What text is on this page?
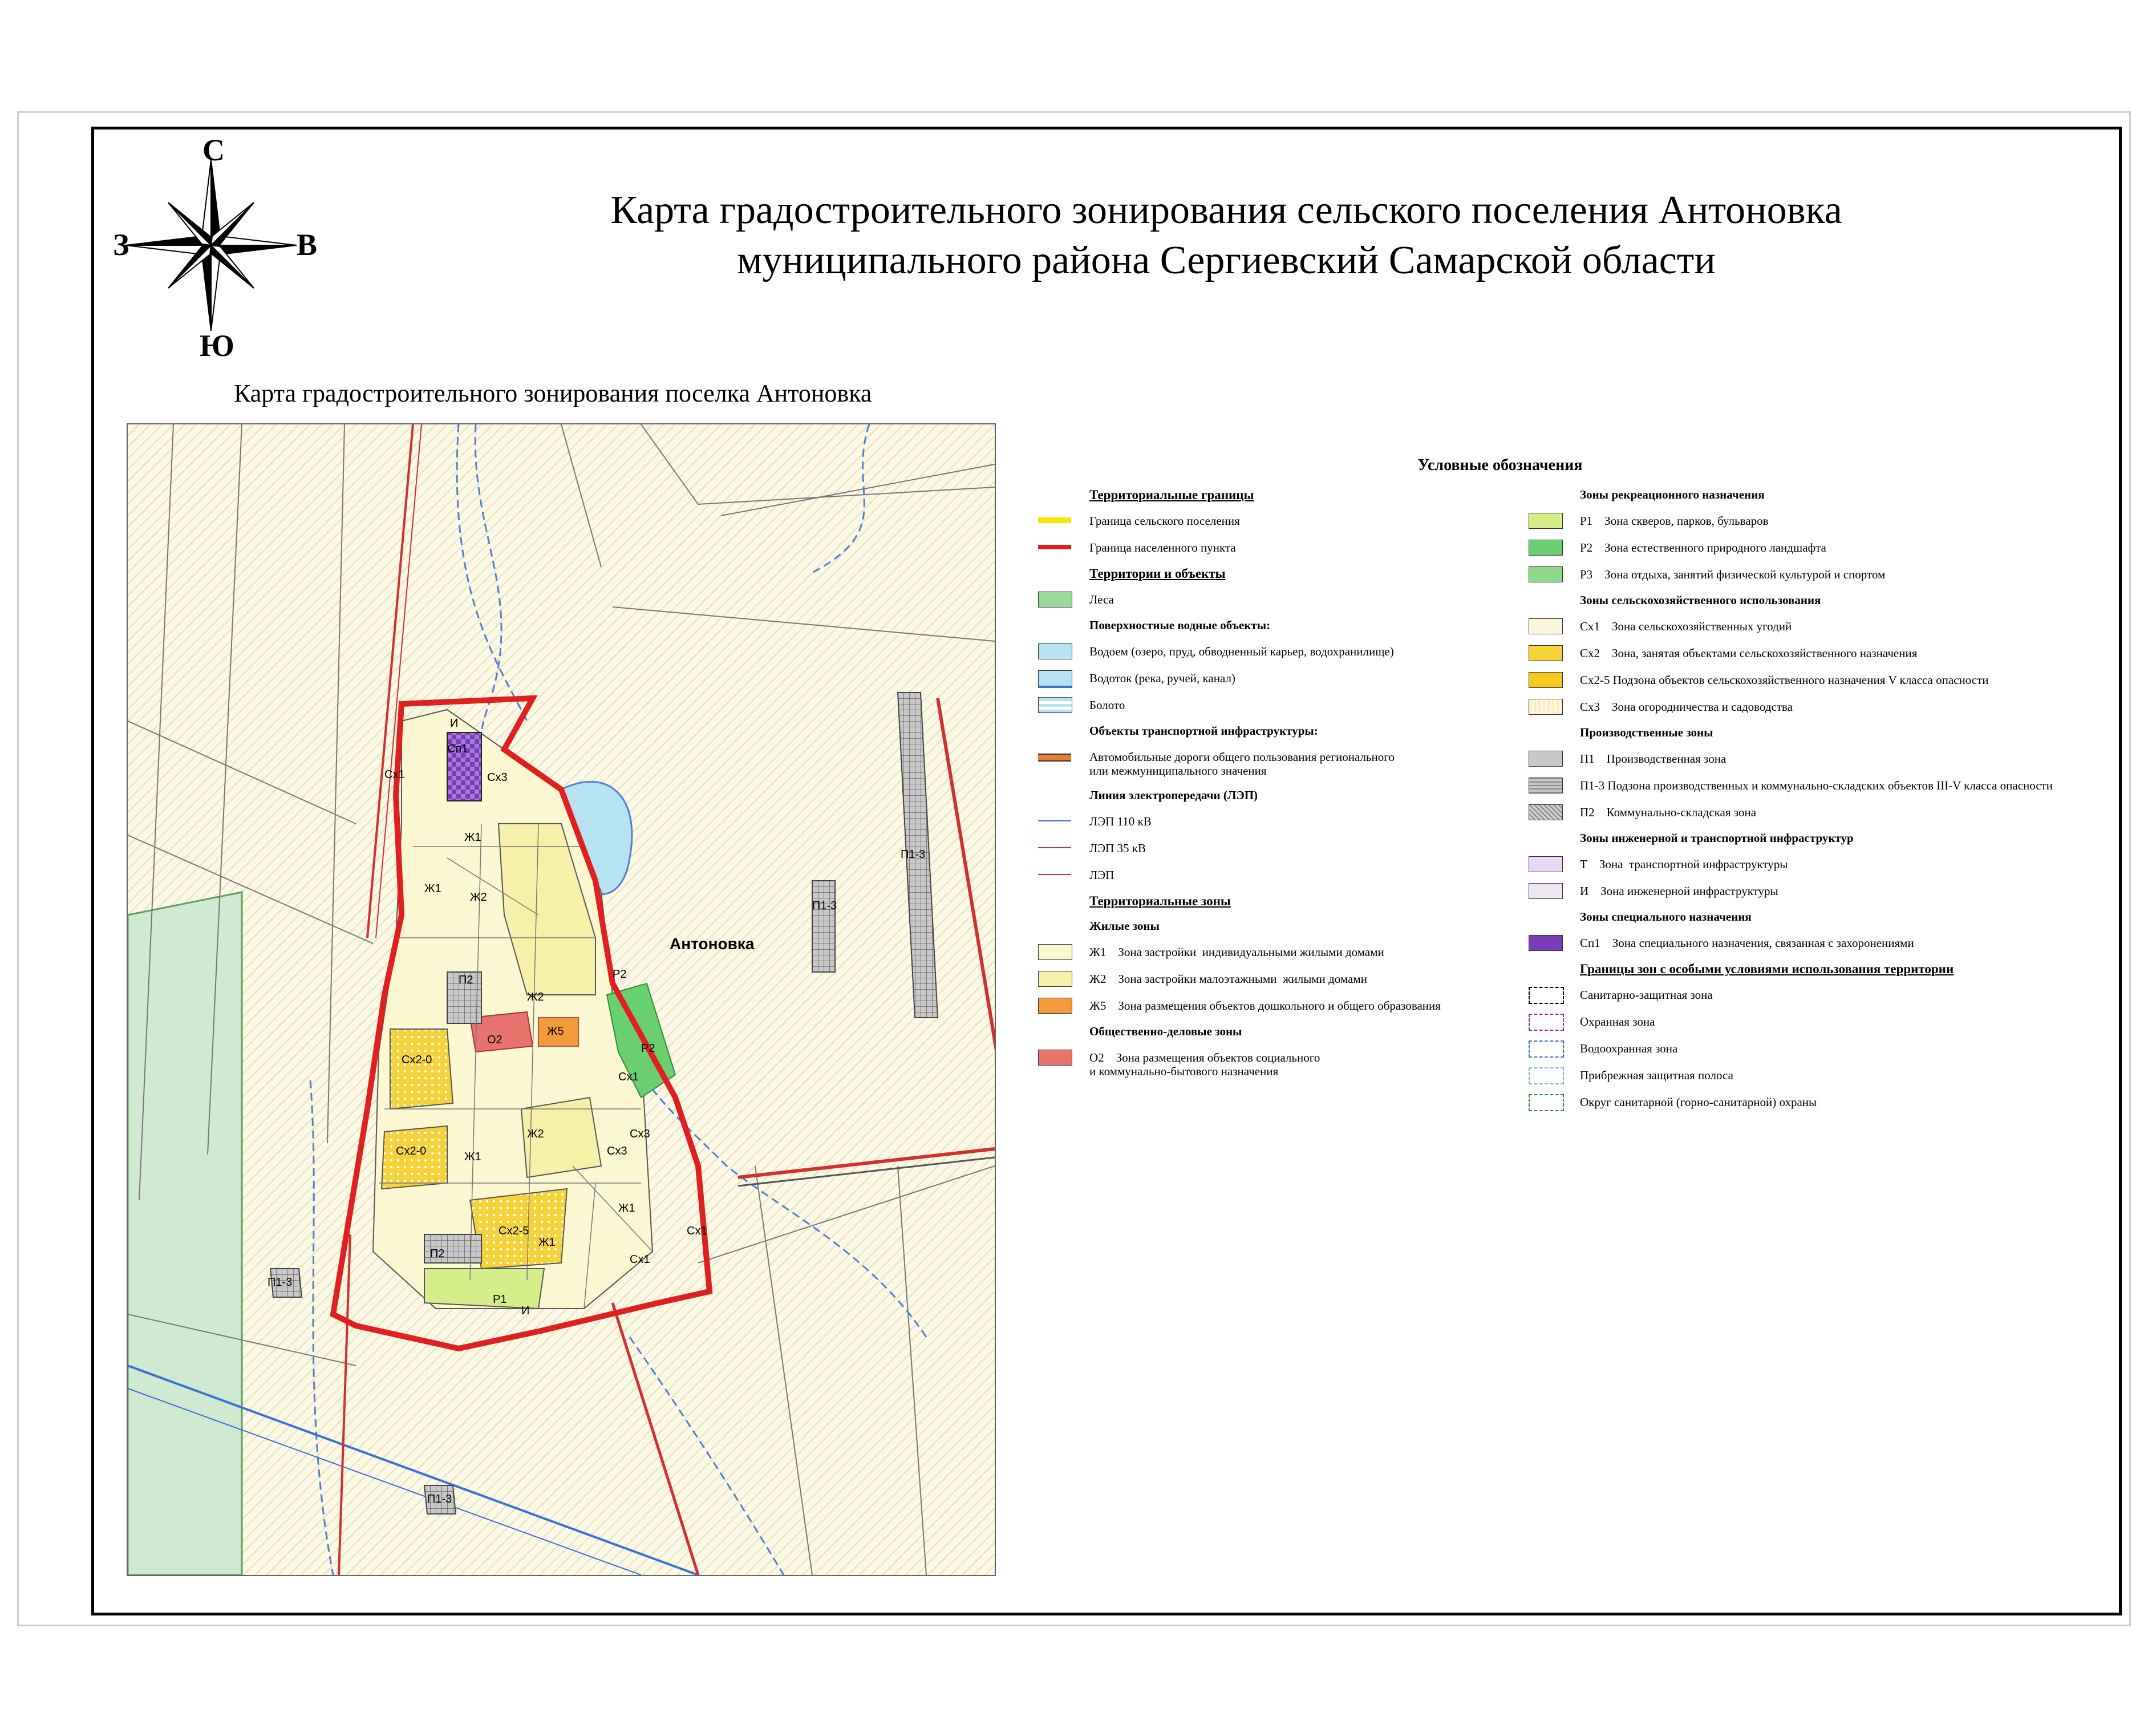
С
Ю
З	В
Карта градостроительного зонирования сельского поселения Антоновка
муниципального района Сергиевский Самарской области
Карта градостроительного зонирования поселка Антоновка
Сх1
И
Сп1
Сх3
Ж1
Ж1
Ж2
Ж2
П2
Ж5
О2
Сх2-0
Сх2-0
Сх2-5
П2
Ж1
Ж2
Р2
Р2
Сх3
Сх1
Ж1
Ж1
Сх1
П1-3
П1-3
П1-3
П1-3
Р1
И
Сх3
Сх1
Антоновка
Условные обозначения
Территориальные границы
Граница сельского поселения
Граница населенного пункта
Территории и объекты
Леса
Поверхностные водные объекты:
Водоем (озеро, пруд, обводненный карьер, водохранилище)
Водоток (река, ручей, канал)
Болото
Объекты транспортной инфраструктуры:
Автомобильные дороги общего пользования регионального
или межмуниципального значения
Линия электропередачи (ЛЭП)
ЛЭП 110 кВ
ЛЭП 35 кВ
ЛЭП
Территориальные зоны
Жилые зоны
Ж1    Зона застройки  индивидуальными жилыми домами
Ж2    Зона застройки малоэтажными  жилыми домами
Ж5    Зона размещения объектов дошкольного и общего образования
Общественно-деловые зоны
О2    Зона размещения объектов социального
и коммунально-бытового назначения
Зоны рекреационного назначения
Р1    Зона скверов, парков, бульваров
Р2    Зона естественного природного ландшафта
Р3    Зона отдыха, занятий физической культурой и спортом
Зоны сельскохозяйственного использования
Сх1    Зона сельскохозяйственных угодий
Сх2    Зона, занятая объектами сельскохозяйственного назначения
Сх2-5 Подзона объектов сельскохозяйственного назначения V класса опасности
Сх3    Зона огородничества и садоводства
Производственные зоны
П1    Производственная зона
П1-3 Подзона производственных и коммунально-складских объектов III-V класса опасности
П2    Коммунально-складская зона
Зоны инженерной и транспортной инфраструктур
Т    Зона  транспортной инфраструктуры
И    Зона инженерной инфраструктуры
Зоны специального назначения
Сп1    Зона специального назначения, связанная с захоронениями
Границы зон с особыми условиями использования территории
Санитарно-защитная зона
Охранная зона
Водоохранная зона
Прибрежная защитная полоса
Округ санитарной (горно-санитарной) охраны
